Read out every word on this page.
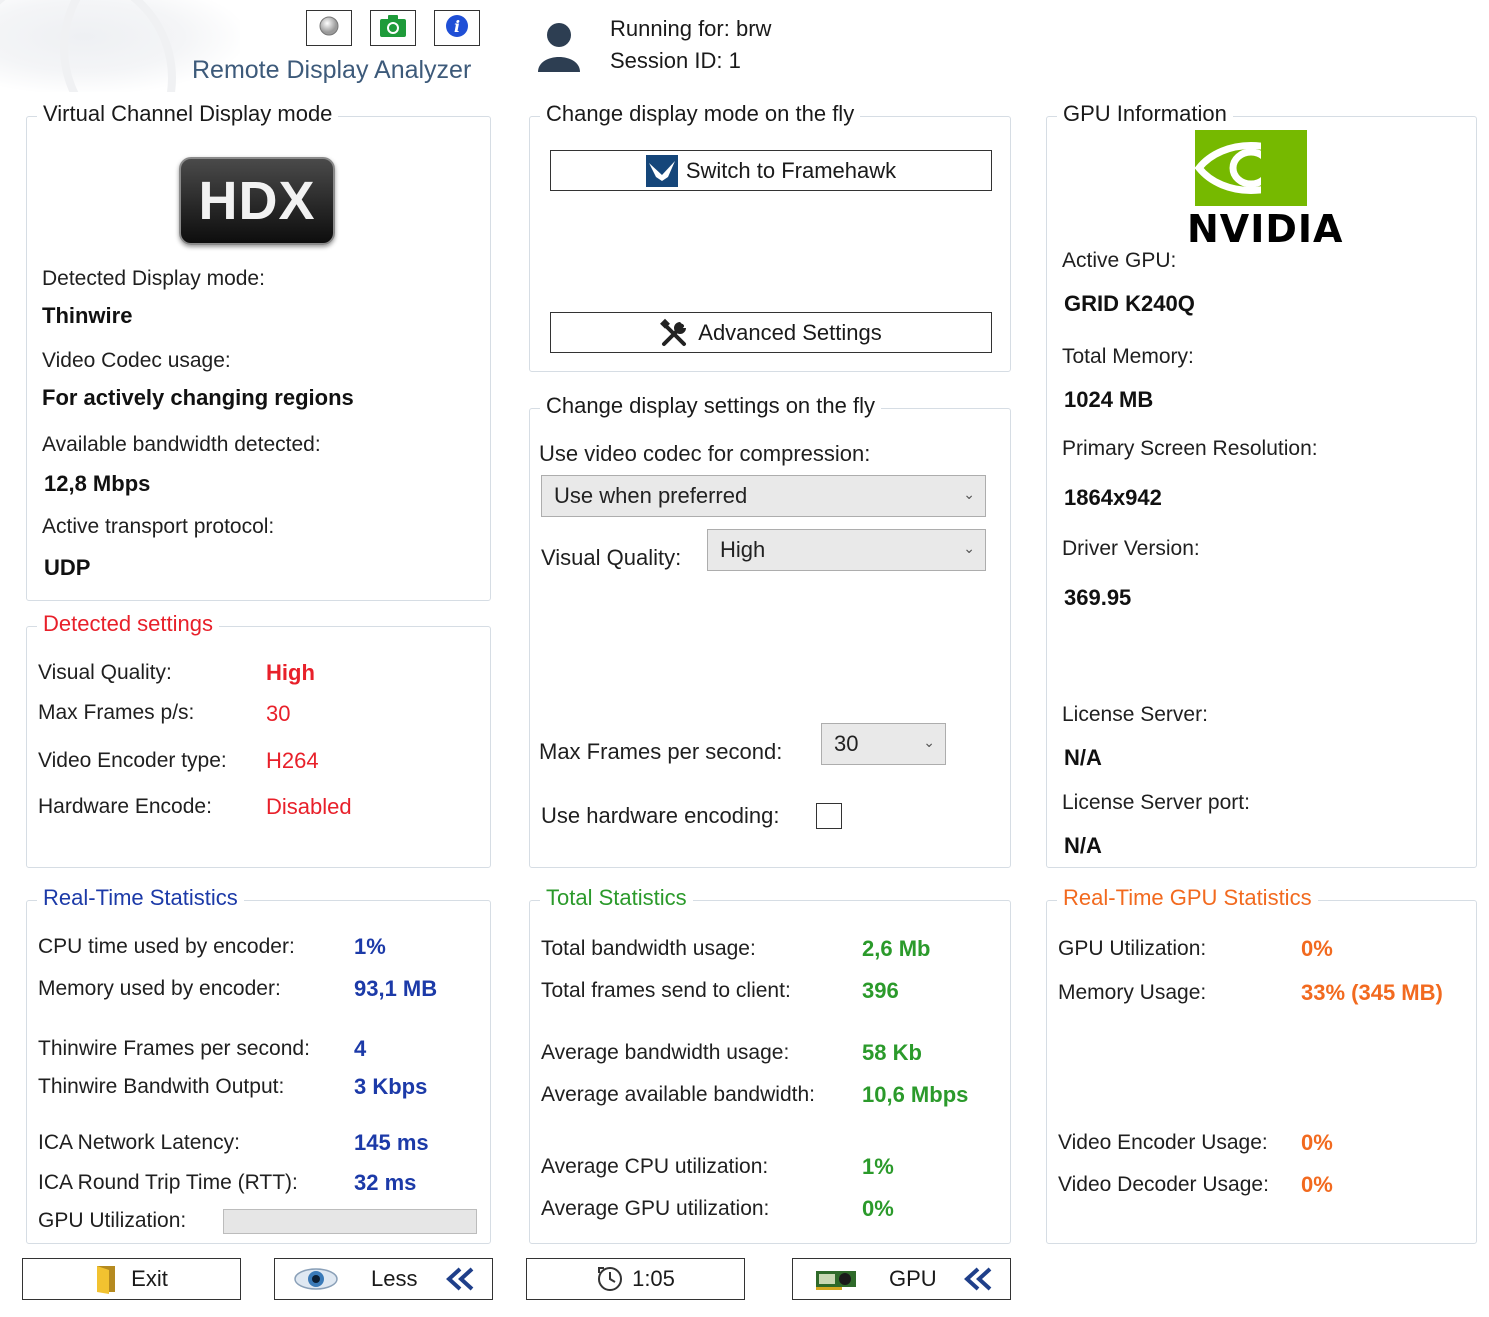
i
Remote Display Analyzer
Running for: brw
Session ID: 1
Virtual Channel Display mode
HDX
Detected Display mode:
Thinwire
Video Codec usage:
For actively changing regions
Available bandwidth detected:
12,8 Mbps
Active transport protocol:
UDP
Detected settings
Visual Quality:	High
Max Frames p/s:	30
Video Encoder type: H264
Hardware Encode: Disabled
Change display mode on the fly
Switch to Framehawk
Advanced Settings
Change display settings on the fly
Use video codec for compression:
Use when preferred	⌄
Visual Quality: High	⌄
Max Frames per second: 30	⌄
Use hardware encoding:
GPU Information
NVIDIA
Active GPU:
GRID K240Q
Total Memory:
1024 MB
Primary Screen Resolution:
1864x942
Driver Version:
369.95
License Server:
N/A
License Server port:
N/A
Real-Time Statistics
CPU time used by encoder:	1%
Memory used by encoder:	93,1 MB
Thinwire Frames per second: 4
Thinwire Bandwith Output:	3 Kbps
ICA Network Latency:	145 ms
ICA Round Trip Time (RTT):	32 ms
GPU Utilization:
Total Statistics
Total bandwidth usage:	2,6 Mb
Total frames send to client:	396
Average bandwidth usage:	58 Kb
Average available bandwidth: 10,6 Mbps
Average CPU utilization:	1%
Average GPU utilization:	0%
Real-Time GPU Statistics
GPU Utilization:	0%
Memory Usage:	33% (345 MB)
Video Encoder Usage: 0%
Video Decoder Usage: 0%
Exit	Less	1:05	GPU
